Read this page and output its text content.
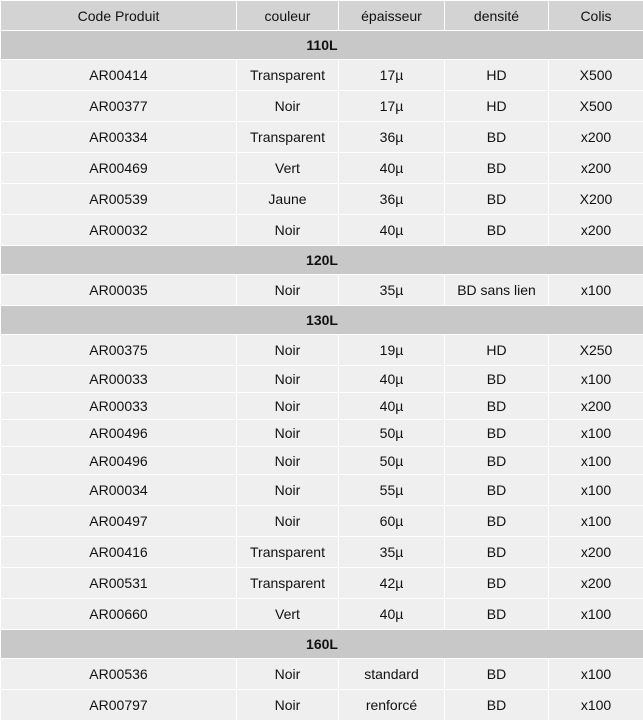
Code Produit	couleur	épaisseur	densité	Colis
110L				
AR00414	Transparent	17µ	HD	X500
AR00377	Noir	17µ	HD	X500
AR00334	Transparent	36µ	BD	x200
AR00469	Vert	40µ	BD	x200
AR00539	Jaune	36µ	BD	X200
AR00032	Noir	40µ	BD	x200
120L				
AR00035	Noir	35µ	BD sans lien	x100
130L				
AR00375	Noir	19µ	HD	X250
AR00033	Noir	40µ	BD	x100
AR00033	Noir	40µ	BD	x200
AR00496	Noir	50µ	BD	x100
AR00496	Noir	50µ	BD	x100
AR00034	Noir	55µ	BD	x100
AR00497	Noir	60µ	BD	x100
AR00416	Transparent	35µ	BD	x200
AR00531	Transparent	42µ	BD	x200
AR00660	Vert	40µ	BD	x100
160L				
AR00536	Noir	standard	BD	x100
AR00797	Noir	renforcé	BD	x100
